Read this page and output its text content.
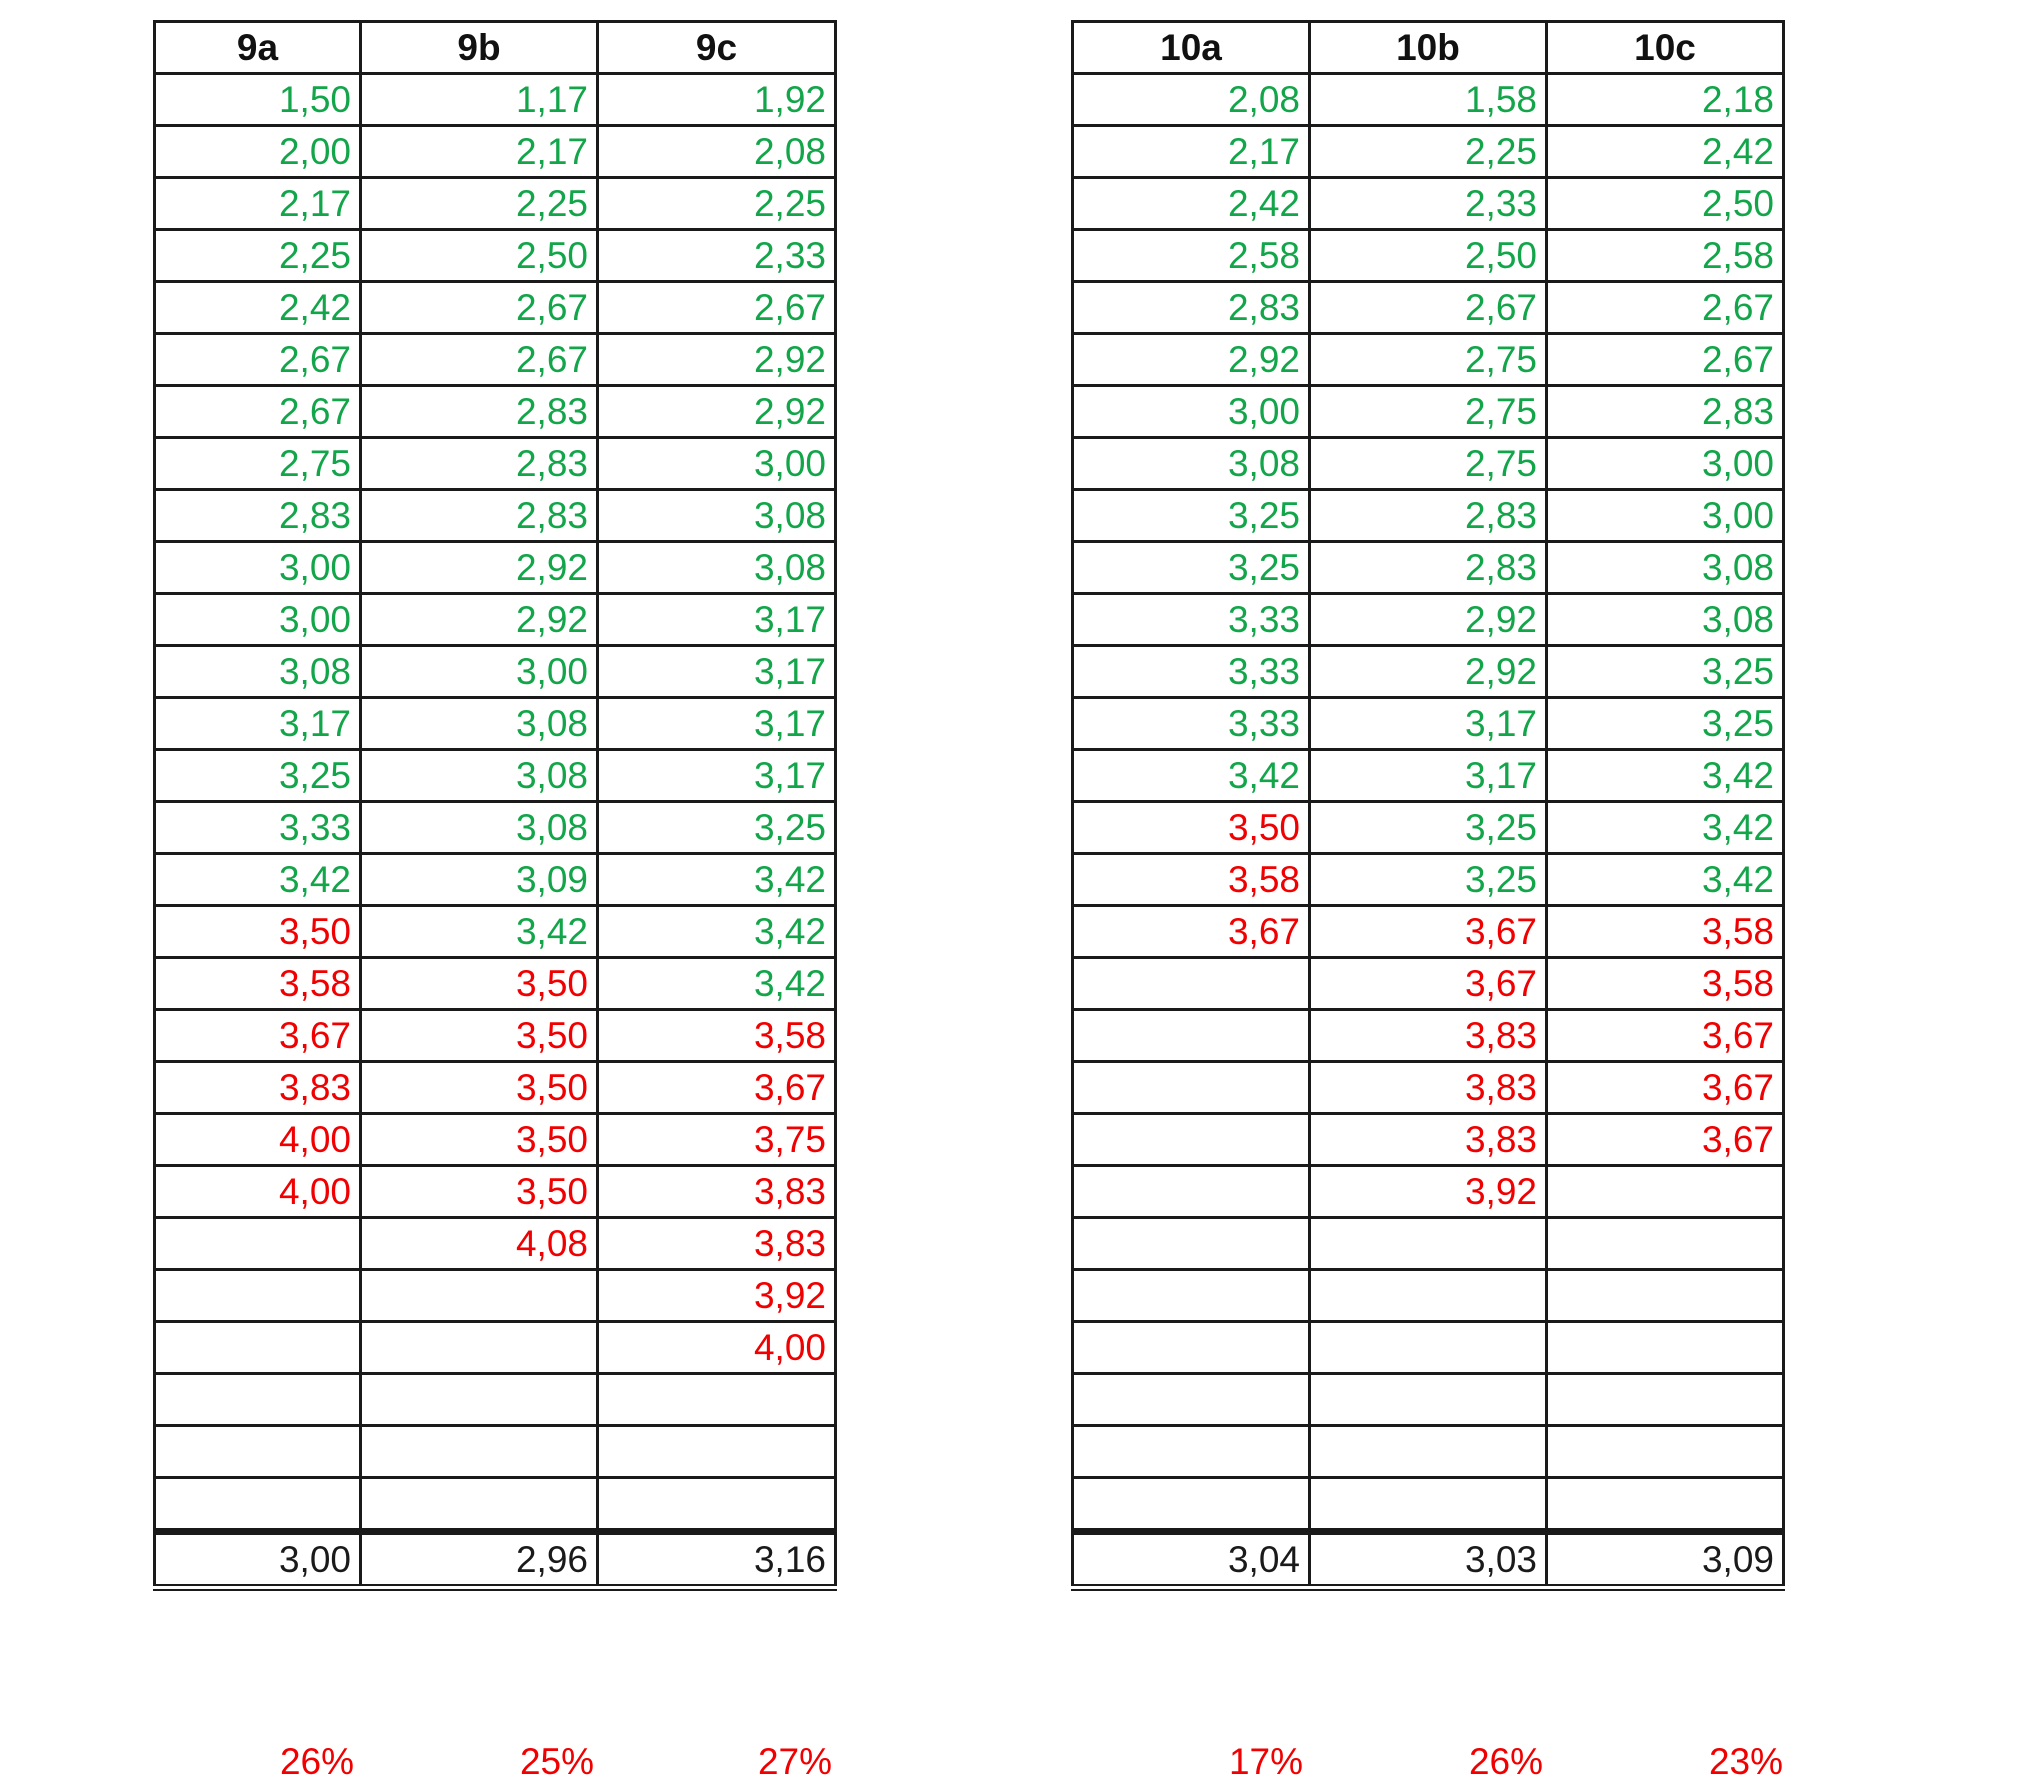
9a	9b	9c
1,50	1,17	1,92
2,00	2,17	2,08
2,17	2,25	2,25
2,25	2,50	2,33
2,42	2,67	2,67
2,67	2,67	2,92
2,67	2,83	2,92
2,75	2,83	3,00
2,83	2,83	3,08
3,00	2,92	3,08
3,00	2,92	3,17
3,08	3,00	3,17
3,17	3,08	3,17
3,25	3,08	3,17
3,33	3,08	3,25
3,42	3,09	3,42
3,50	3,42	3,42
3,58	3,50	3,42
3,67	3,50	3,58
3,83	3,50	3,67
4,00	3,50	3,75
4,00	3,50	3,83
	4,08	3,83
		3,92
		4,00

3,00	2,96	3,16
10a	10b	10c
2,08	1,58	2,18
2,17	2,25	2,42
2,42	2,33	2,50
2,58	2,50	2,58
2,83	2,67	2,67
2,92	2,75	2,67
3,00	2,75	2,83
3,08	2,75	3,00
3,25	2,83	3,00
3,25	2,83	3,08
3,33	2,92	3,08
3,33	2,92	3,25
3,33	3,17	3,25
3,42	3,17	3,42
3,50	3,25	3,42
3,58	3,25	3,42
3,67	3,67	3,58
	3,67	3,58
	3,83	3,67
	3,83	3,67
	3,83	3,67
	3,92	

3,04	3,03	3,09
26%	25%	27%	17%	26%	23%
